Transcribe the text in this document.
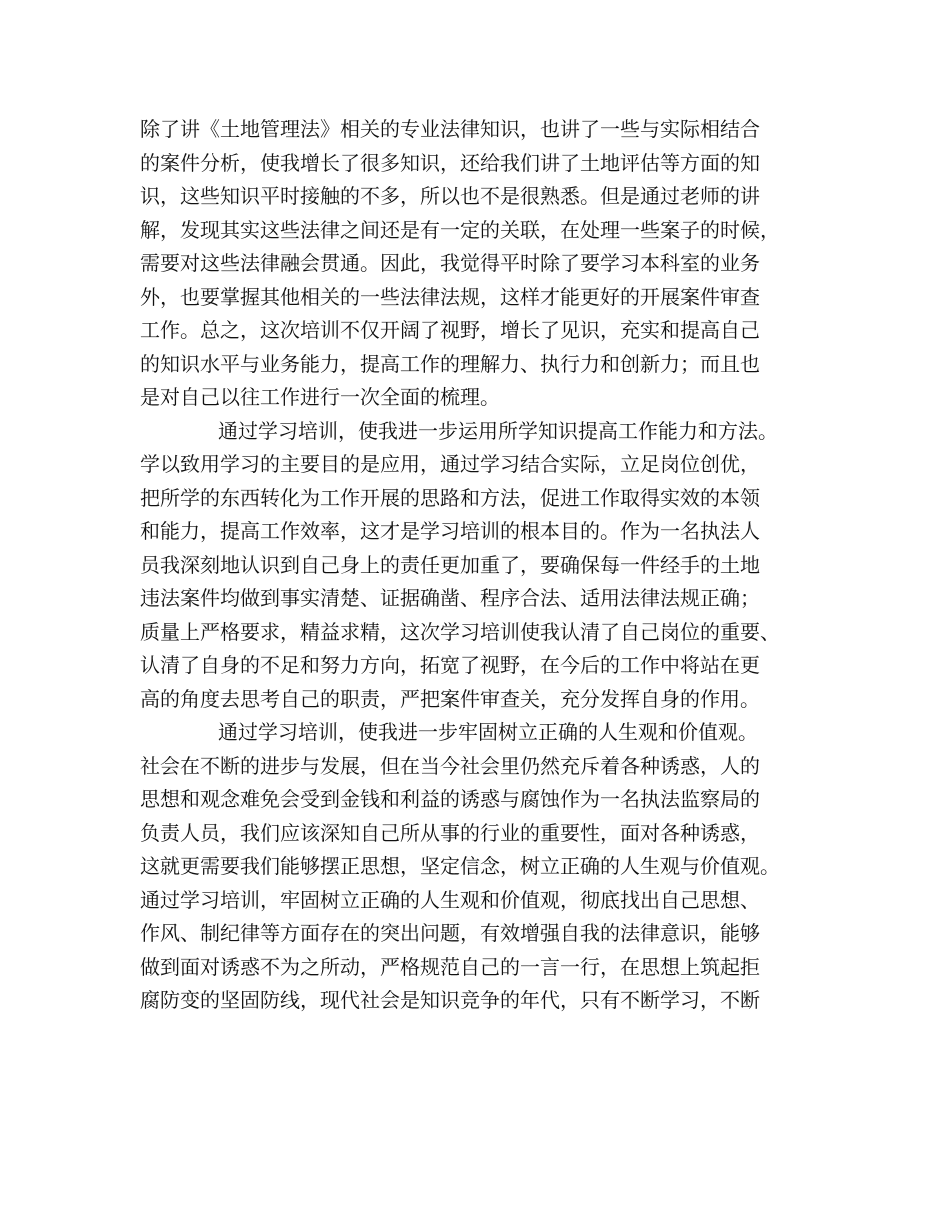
除了讲《土地管理法》相关的专业法律知识，也讲了一些与实际相结合
的案件分析，使我增长了很多知识，还给我们讲了土地评估等方面的知
识，这些知识平时接触的不多，所以也不是很熟悉。但是通过老师的讲
解，发现其实这些法律之间还是有一定的关联，在处理一些案子的时候，
需要对这些法律融会贯通。因此，我觉得平时除了要学习本科室的业务
外，也要掌握其他相关的一些法律法规，这样才能更好的开展案件审查
工作。总之，这次培训不仅开阔了视野，增长了见识，充实和提高自己
的知识水平与业务能力，提高工作的理解力、执行力和创新力；而且也
是对自己以往工作进行一次全面的梳理。
通过学习培训，使我进一步运用所学知识提高工作能力和方法。
学以致用学习的主要目的是应用，通过学习结合实际，立足岗位创优，
把所学的东西转化为工作开展的思路和方法，促进工作取得实效的本领
和能力，提高工作效率，这才是学习培训的根本目的。作为一名执法人
员我深刻地认识到自己身上的责任更加重了，要确保每一件经手的土地
违法案件均做到事实清楚、证据确凿、程序合法、适用法律法规正确；
质量上严格要求，精益求精，这次学习培训使我认清了自己岗位的重要、
认清了自身的不足和努力方向，拓宽了视野，在今后的工作中将站在更
高的角度去思考自己的职责，严把案件审查关，充分发挥自身的作用。
通过学习培训，使我进一步牢固树立正确的人生观和价值观。
社会在不断的进步与发展，但在当今社会里仍然充斥着各种诱惑，人的
思想和观念难免会受到金钱和利益的诱惑与腐蚀作为一名执法监察局的
负责人员，我们应该深知自己所从事的行业的重要性，面对各种诱惑，
这就更需要我们能够摆正思想，坚定信念，树立正确的人生观与价值观。
通过学习培训，牢固树立正确的人生观和价值观，彻底找出自己思想、
作风、制纪律等方面存在的突出问题，有效增强自我的法律意识，能够
做到面对诱惑不为之所动，严格规范自己的一言一行，在思想上筑起拒
腐防变的坚固防线，现代社会是知识竞争的年代，只有不断学习，不断
